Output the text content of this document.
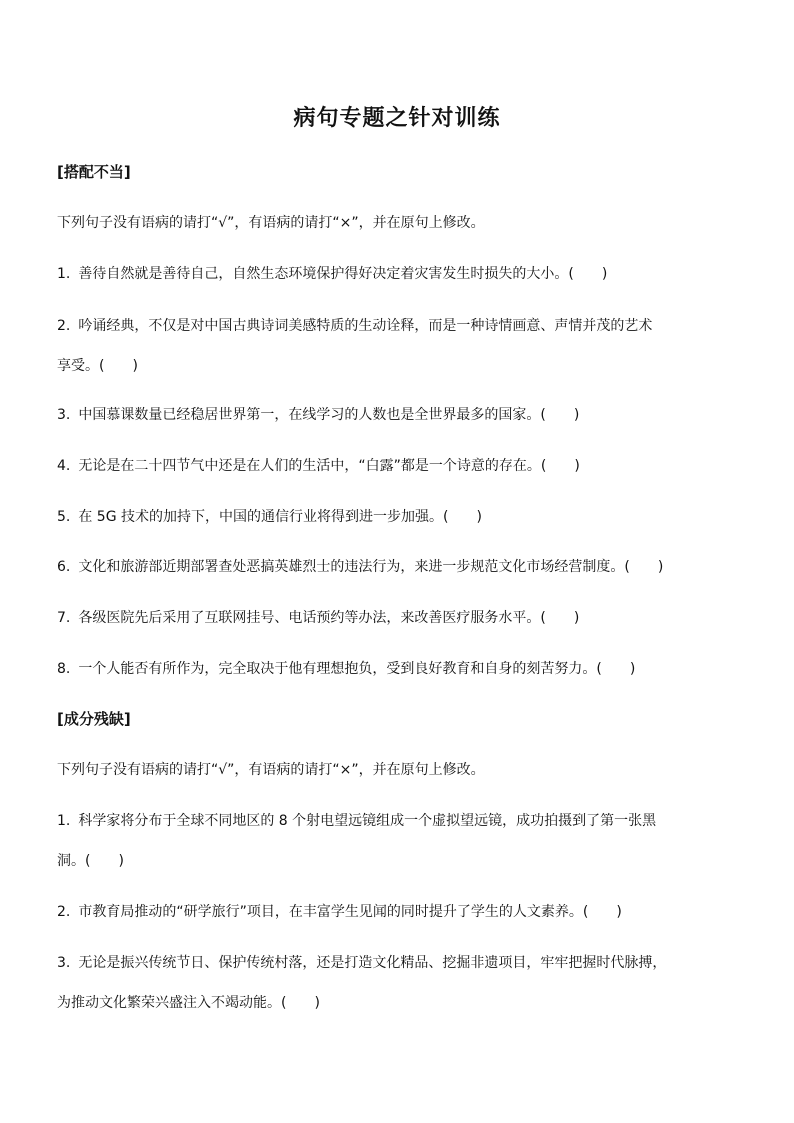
病句专题之针对训练
[搭配不当]
下列句子没有语病的请打“√”，有语病的请打“×”，并在原句上修改。
1. 善待自然就是善待自己，自然生态环境保护得好决定着灾害发生时损失的大小。(　　)
2. 吟诵经典，不仅是对中国古典诗词美感特质的生动诠释，而是一种诗情画意、声情并茂的艺术
享受。(　　)
3. 中国慕课数量已经稳居世界第一，在线学习的人数也是全世界最多的国家。(　　)
4. 无论是在二十四节气中还是在人们的生活中，“白露”都是一个诗意的存在。(　　)
5. 在 5G 技术的加持下，中国的通信行业将得到进一步加强。(　　)
6. 文化和旅游部近期部署查处恶搞英雄烈士的违法行为，来进一步规范文化市场经营制度。(　　)
7. 各级医院先后采用了互联网挂号、电话预约等办法，来改善医疗服务水平。(　　)
8. 一个人能否有所作为，完全取决于他有理想抱负，受到良好教育和自身的刻苦努力。(　　)
[成分残缺]
下列句子没有语病的请打“√”，有语病的请打“×”，并在原句上修改。
1. 科学家将分布于全球不同地区的 8 个射电望远镜组成一个虚拟望远镜，成功拍摄到了第一张黑
洞。(　　)
2. 市教育局推动的“研学旅行”项目，在丰富学生见闻的同时提升了学生的人文素养。(　　)
3. 无论是振兴传统节日、保护传统村落，还是打造文化精品、挖掘非遗项目，牢牢把握时代脉搏，
为推动文化繁荣兴盛注入不竭动能。(　　)
